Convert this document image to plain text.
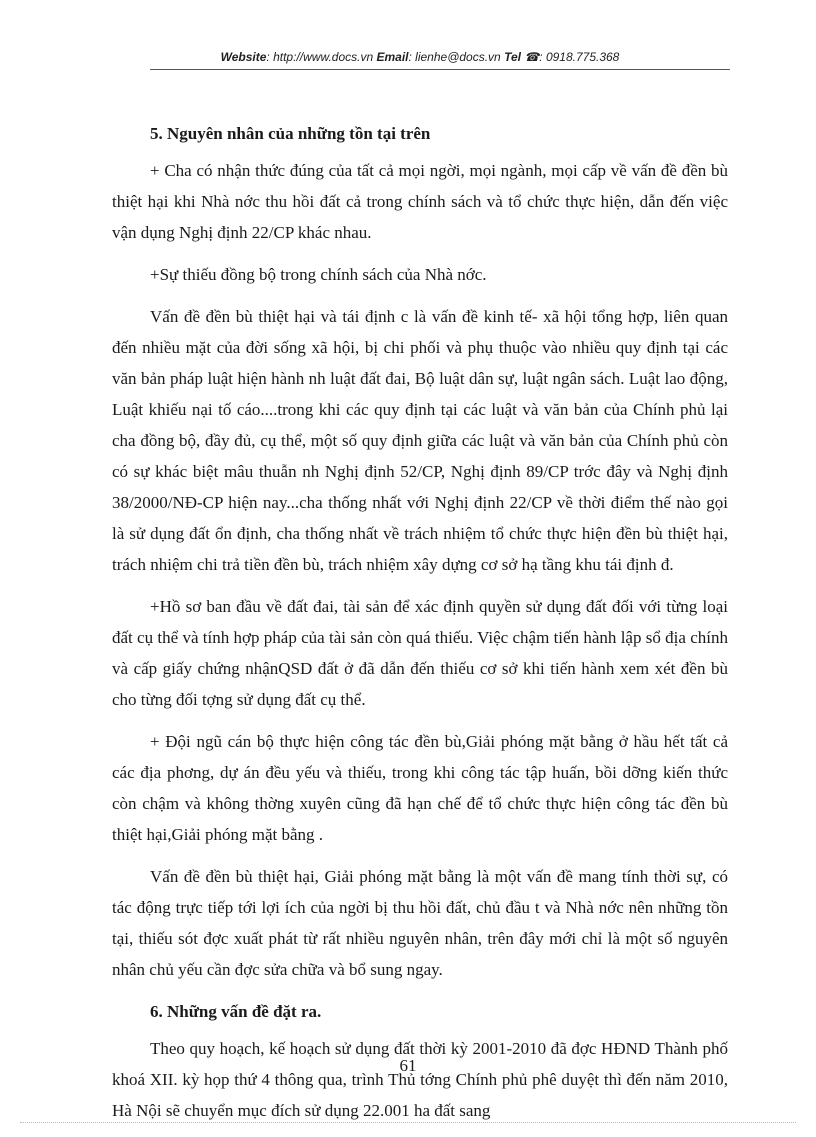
Website: http://www.docs.vn Email: lienhe@docs.vn Tel ☎: 0918.775.368
5. Nguyên nhân của những tồn tại trên

+ Cha có nhận thức đúng của tất cả mọi ngời, mọi ngành, mọi cấp về vấn đề đền bù thiệt hại khi Nhà nớc thu hồi đất cả trong chính sách và tổ chức thực hiện, dẫn đến việc vận dụng Nghị định 22/CP khác nhau.

+Sự thiếu đồng bộ trong chính sách của Nhà nớc.

Vấn đề đền bù thiệt hại và tái định c là vấn đề kinh tế- xã hội tổng hợp, liên quan đến nhiều mặt của đời sống xã hội, bị chi phối và phụ thuộc vào nhiều quy định tại các văn bản pháp luật hiện hành nh luật đất đai, Bộ luật dân sự, luật ngân sách. Luật lao động, Luật khiếu nại tố cáo....trong khi các quy định tại các luật và văn bản của Chính phủ lại cha đồng bộ, đầy đủ, cụ thể, một số quy định giữa các luật và văn bản của Chính phủ còn có sự khác biệt mâu thuẫn nh Nghị định 52/CP, Nghị định 89/CP trớc đây và Nghị định 38/2000/NĐ-CP hiện nay...cha thống nhất với Nghị định 22/CP về thời điểm thế nào gọi là sử dụng đất ổn định, cha thống nhất về trách nhiệm tổ chức thực hiện đền bù thiệt hại, trách nhiệm chi trả tiền đền bù, trách nhiệm xây dựng cơ sở hạ tầng khu tái định đ.

+Hồ sơ ban đầu về đất đai, tài sản để xác định quyền sử dụng đất đối với từng loại đất cụ thể và tính hợp pháp của tài sản còn quá thiếu. Việc chậm tiến hành lập sổ địa chính và cấp giấy chứng nhậnQSD đất ở đã dẫn đến thiếu cơ sở khi tiến hành xem xét đền bù cho từng đối tợng sử dụng đất cụ thể.

+ Đội ngũ cán bộ thực hiện công tác đền bù,Giải phóng mặt bằng ở hầu hết tất cả các địa phơng, dự án đều yếu và thiếu, trong khi công tác tập huấn, bồi dỡng kiến thức còn chậm và không thờng xuyên cũng đã hạn chế để tổ chức thực hiện công tác đền bù thiệt hại,Giải phóng mặt bằng .

Vấn đề đền bù thiệt hại, Giải phóng mặt bằng là một vấn đề mang tính thời sự, có tác động trực tiếp tới lợi ích của ngời bị thu hồi đất, chủ đầu t và Nhà nớc nên những tồn tại, thiếu sót đợc xuất phát từ rất nhiều nguyên nhân, trên đây mới chỉ là một số nguyên nhân chủ yếu cần đợc sửa chữa và bổ sung ngay.

6. Những vấn đề đặt ra.

Theo quy hoạch, kế hoạch sử dụng đất thời kỳ 2001-2010 đã đợc HĐND Thành phố khoá XII. kỳ họp thứ 4 thông qua, trình Thủ tớng Chính phủ phê duyệt thì đến năm 2010, Hà Nội sẽ chuyển mục đích sử dụng 22.001 ha đất sang

61
